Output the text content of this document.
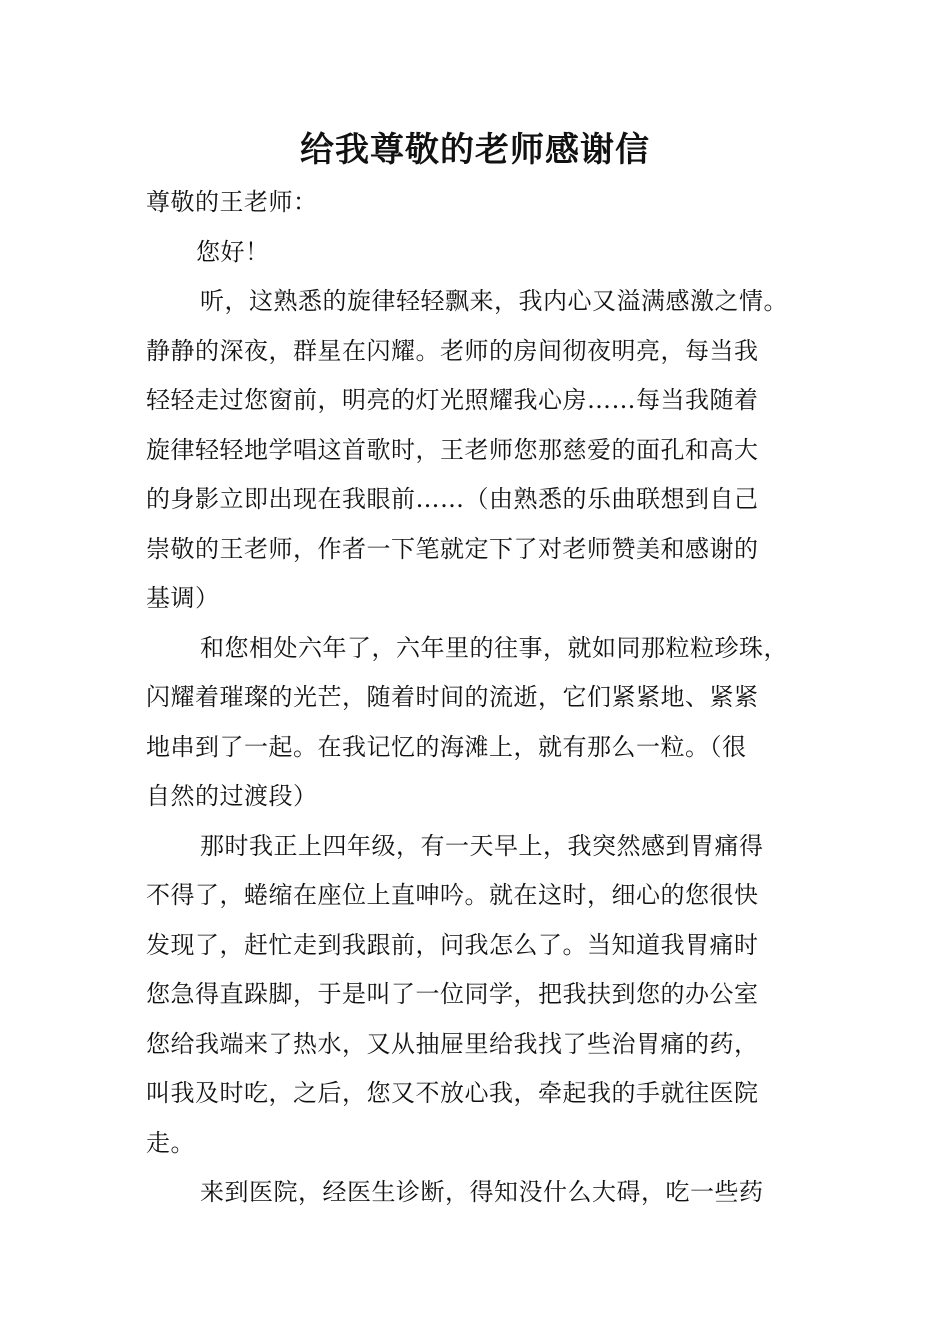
给我尊敬的老师感谢信
尊敬的王老师：
您好！
听，这熟悉的旋律轻轻飘来，我内心又溢满感激之情。
静静的深夜，群星在闪耀。老师的房间彻夜明亮，每当我
轻轻走过您窗前，明亮的灯光照耀我心房……每当我随着
旋律轻轻地学唱这首歌时，王老师您那慈爱的面孔和高大
的身影立即出现在我眼前……（由熟悉的乐曲联想到自己
崇敬的王老师，作者一下笔就定下了对老师赞美和感谢的
基调）
和您相处六年了，六年里的往事，就如同那粒粒珍珠，
闪耀着璀璨的光芒，随着时间的流逝，它们紧紧地、紧紧
地串到了一起。在我记忆的海滩上，就有那么一粒。（很
自然的过渡段）
那时我正上四年级，有一天早上，我突然感到胃痛得
不得了，蜷缩在座位上直呻吟。就在这时，细心的您很快
发现了，赶忙走到我跟前，问我怎么了。当知道我胃痛时
您急得直跺脚，于是叫了一位同学，把我扶到您的办公室
您给我端来了热水，又从抽屉里给我找了些治胃痛的药，
叫我及时吃，之后，您又不放心我，牵起我的手就往医院
走。
来到医院，经医生诊断，得知没什么大碍，吃一些药
